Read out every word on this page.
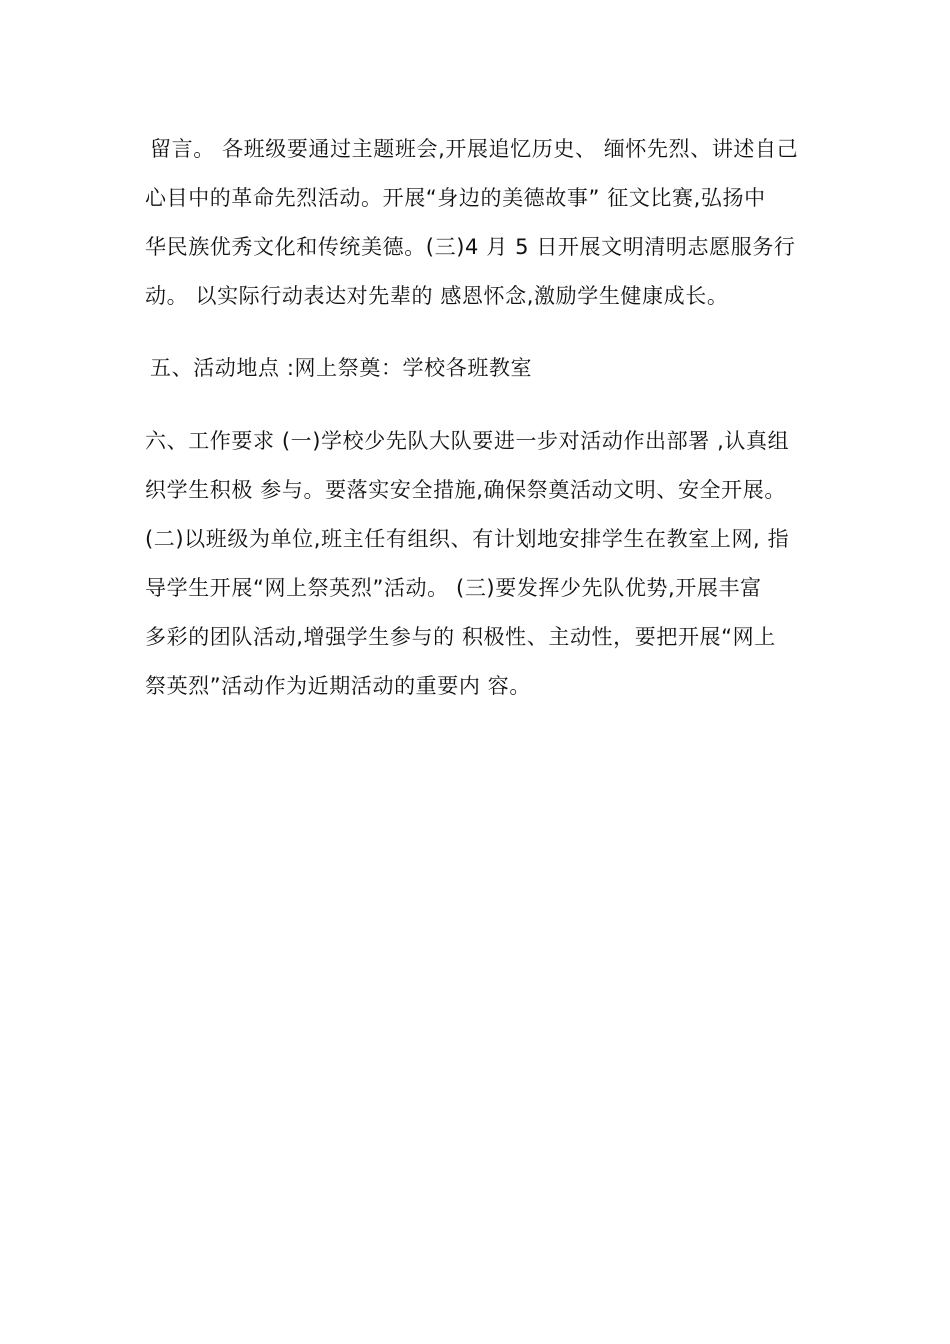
留言。 各班级要通过主题班会,开展追忆历史、 缅怀先烈、讲述自己
心目中的革命先烈活动。开展“身边的美德故事” 征文比赛,弘扬中
华民族优秀文化和传统美德。(三)4 月 5 日开展文明清明志愿服务行
动。 以实际行动表达对先辈的 感恩怀念,激励学生健康成长。
五、活动地点 :网上祭奠：学校各班教室
六、工作要求 (一)学校少先队大队要进一步对活动作出部署 ,认真组
织学生积极 参与。要落实安全措施,确保祭奠活动文明、安全开展。
(二)以班级为单位,班主任有组织、有计划地安排学生在教室上网, 指
导学生开展“网上祭英烈”活动。 (三)要发挥少先队优势,开展丰富
多彩的团队活动,增强学生参与的 积极性、主动性，要把开展“网上
祭英烈”活动作为近期活动的重要内 容。
